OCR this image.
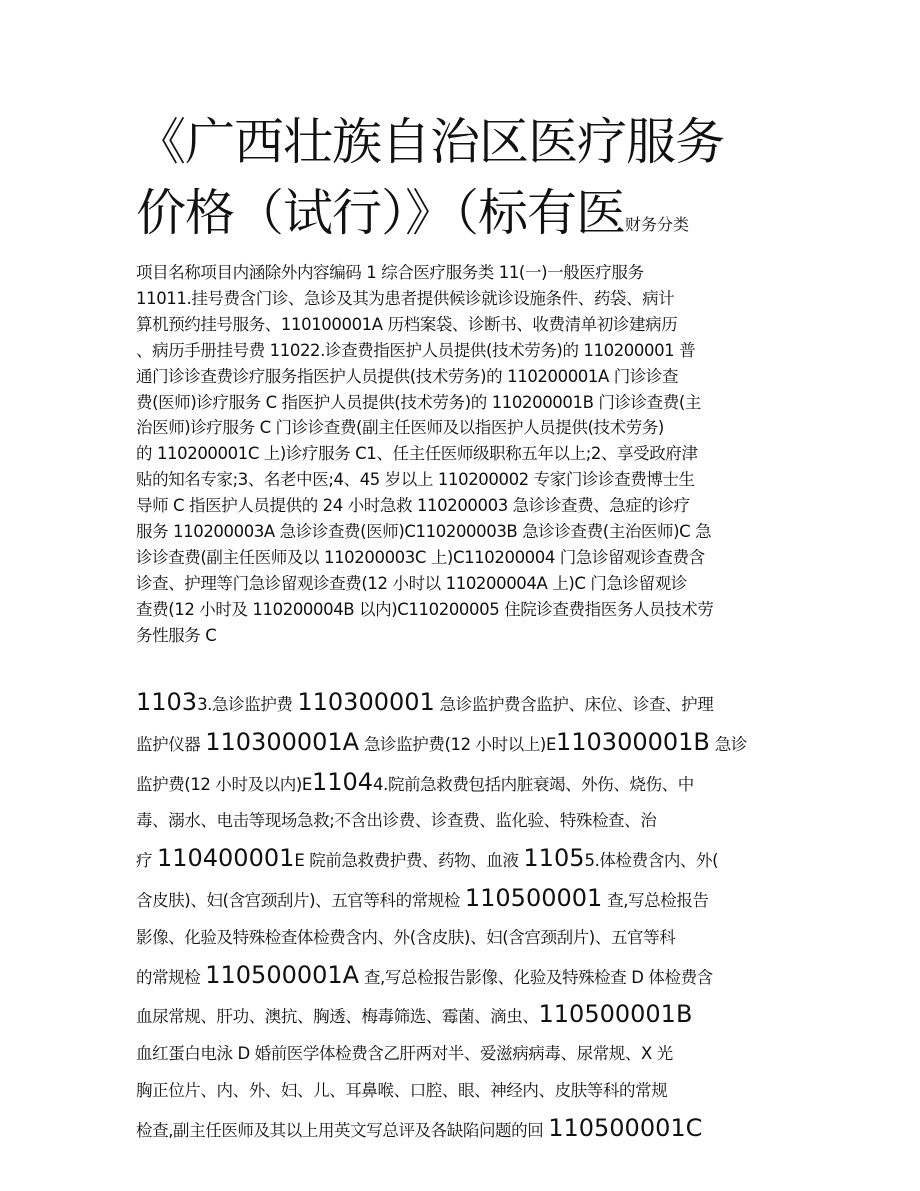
《广西壮族自治区医疗服务
价格（试行）》（标有医财务分类
项目名称项目内涵除外内容编码 1 综合医疗服务类 11(一)一般医疗服务
11011.挂号费含门诊、急诊及其为患者提供候诊就诊设施条件、药袋、病计
算机预约挂号服务、110100001A 历档案袋、诊断书、收费清单初诊建病历
、病历手册挂号费 11022.诊查费指医护人员提供(技术劳务)的 110200001 普
通门诊诊查费诊疗服务指医护人员提供(技术劳务)的 110200001A 门诊诊查
费(医师)诊疗服务 C 指医护人员提供(技术劳务)的 110200001B 门诊诊查费(主
治医师)诊疗服务 C 门诊诊查费(副主任医师及以指医护人员提供(技术劳务)
的 110200001C 上)诊疗服务 C1、任主任医师级职称五年以上;2、享受政府津
贴的知名专家;3、名老中医;4、45 岁以上 110200002 专家门诊诊查费博士生
导师 C 指医护人员提供的 24 小时急救 110200003 急诊诊查费、急症的诊疗
服务 110200003A 急诊诊查费(医师)C110200003B 急诊诊查费(主治医师)C 急
诊诊查费(副主任医师及以 110200003C 上)C110200004 门急诊留观诊查费含
诊查、护理等门急诊留观诊查费(12 小时以 110200004A 上)C 门急诊留观诊
查费(12 小时及 110200004B 以内)C110200005 住院诊查费指医务人员技术劳
务性服务 C
11033.急诊监护费 110300001 急诊监护费含监护、床位、诊查、护理
监护仪器 110300001A 急诊监护费(12 小时以上)E110300001B 急诊
监护费(12 小时及以内)E11044.院前急救费包括内脏衰竭、外伤、烧伤、中
毒、溺水、电击等现场急救;不含出诊费、诊查费、监化验、特殊检查、治
疗 110400001E 院前急救费护费、药物、血液 11055.体检费含内、外(
含皮肤)、妇(含宫颈刮片)、五官等科的常规检 110500001 查,写总检报告
影像、化验及特殊检查体检费含内、外(含皮肤)、妇(含宫颈刮片)、五官等科
的常规检 110500001A 查,写总检报告影像、化验及特殊检查 D 体检费含
血尿常规、肝功、澳抗、胸透、梅毒筛选、霉菌、滴虫、110500001B
血红蛋白电泳 D 婚前医学体检费含乙肝两对半、爱滋病病毒、尿常规、X 光
胸正位片、内、外、妇、儿、耳鼻喉、口腔、眼、神经内、皮肤等科的常规
检查,副主任医师及其以上用英文写总评及各缺陷问题的回 110500001C
